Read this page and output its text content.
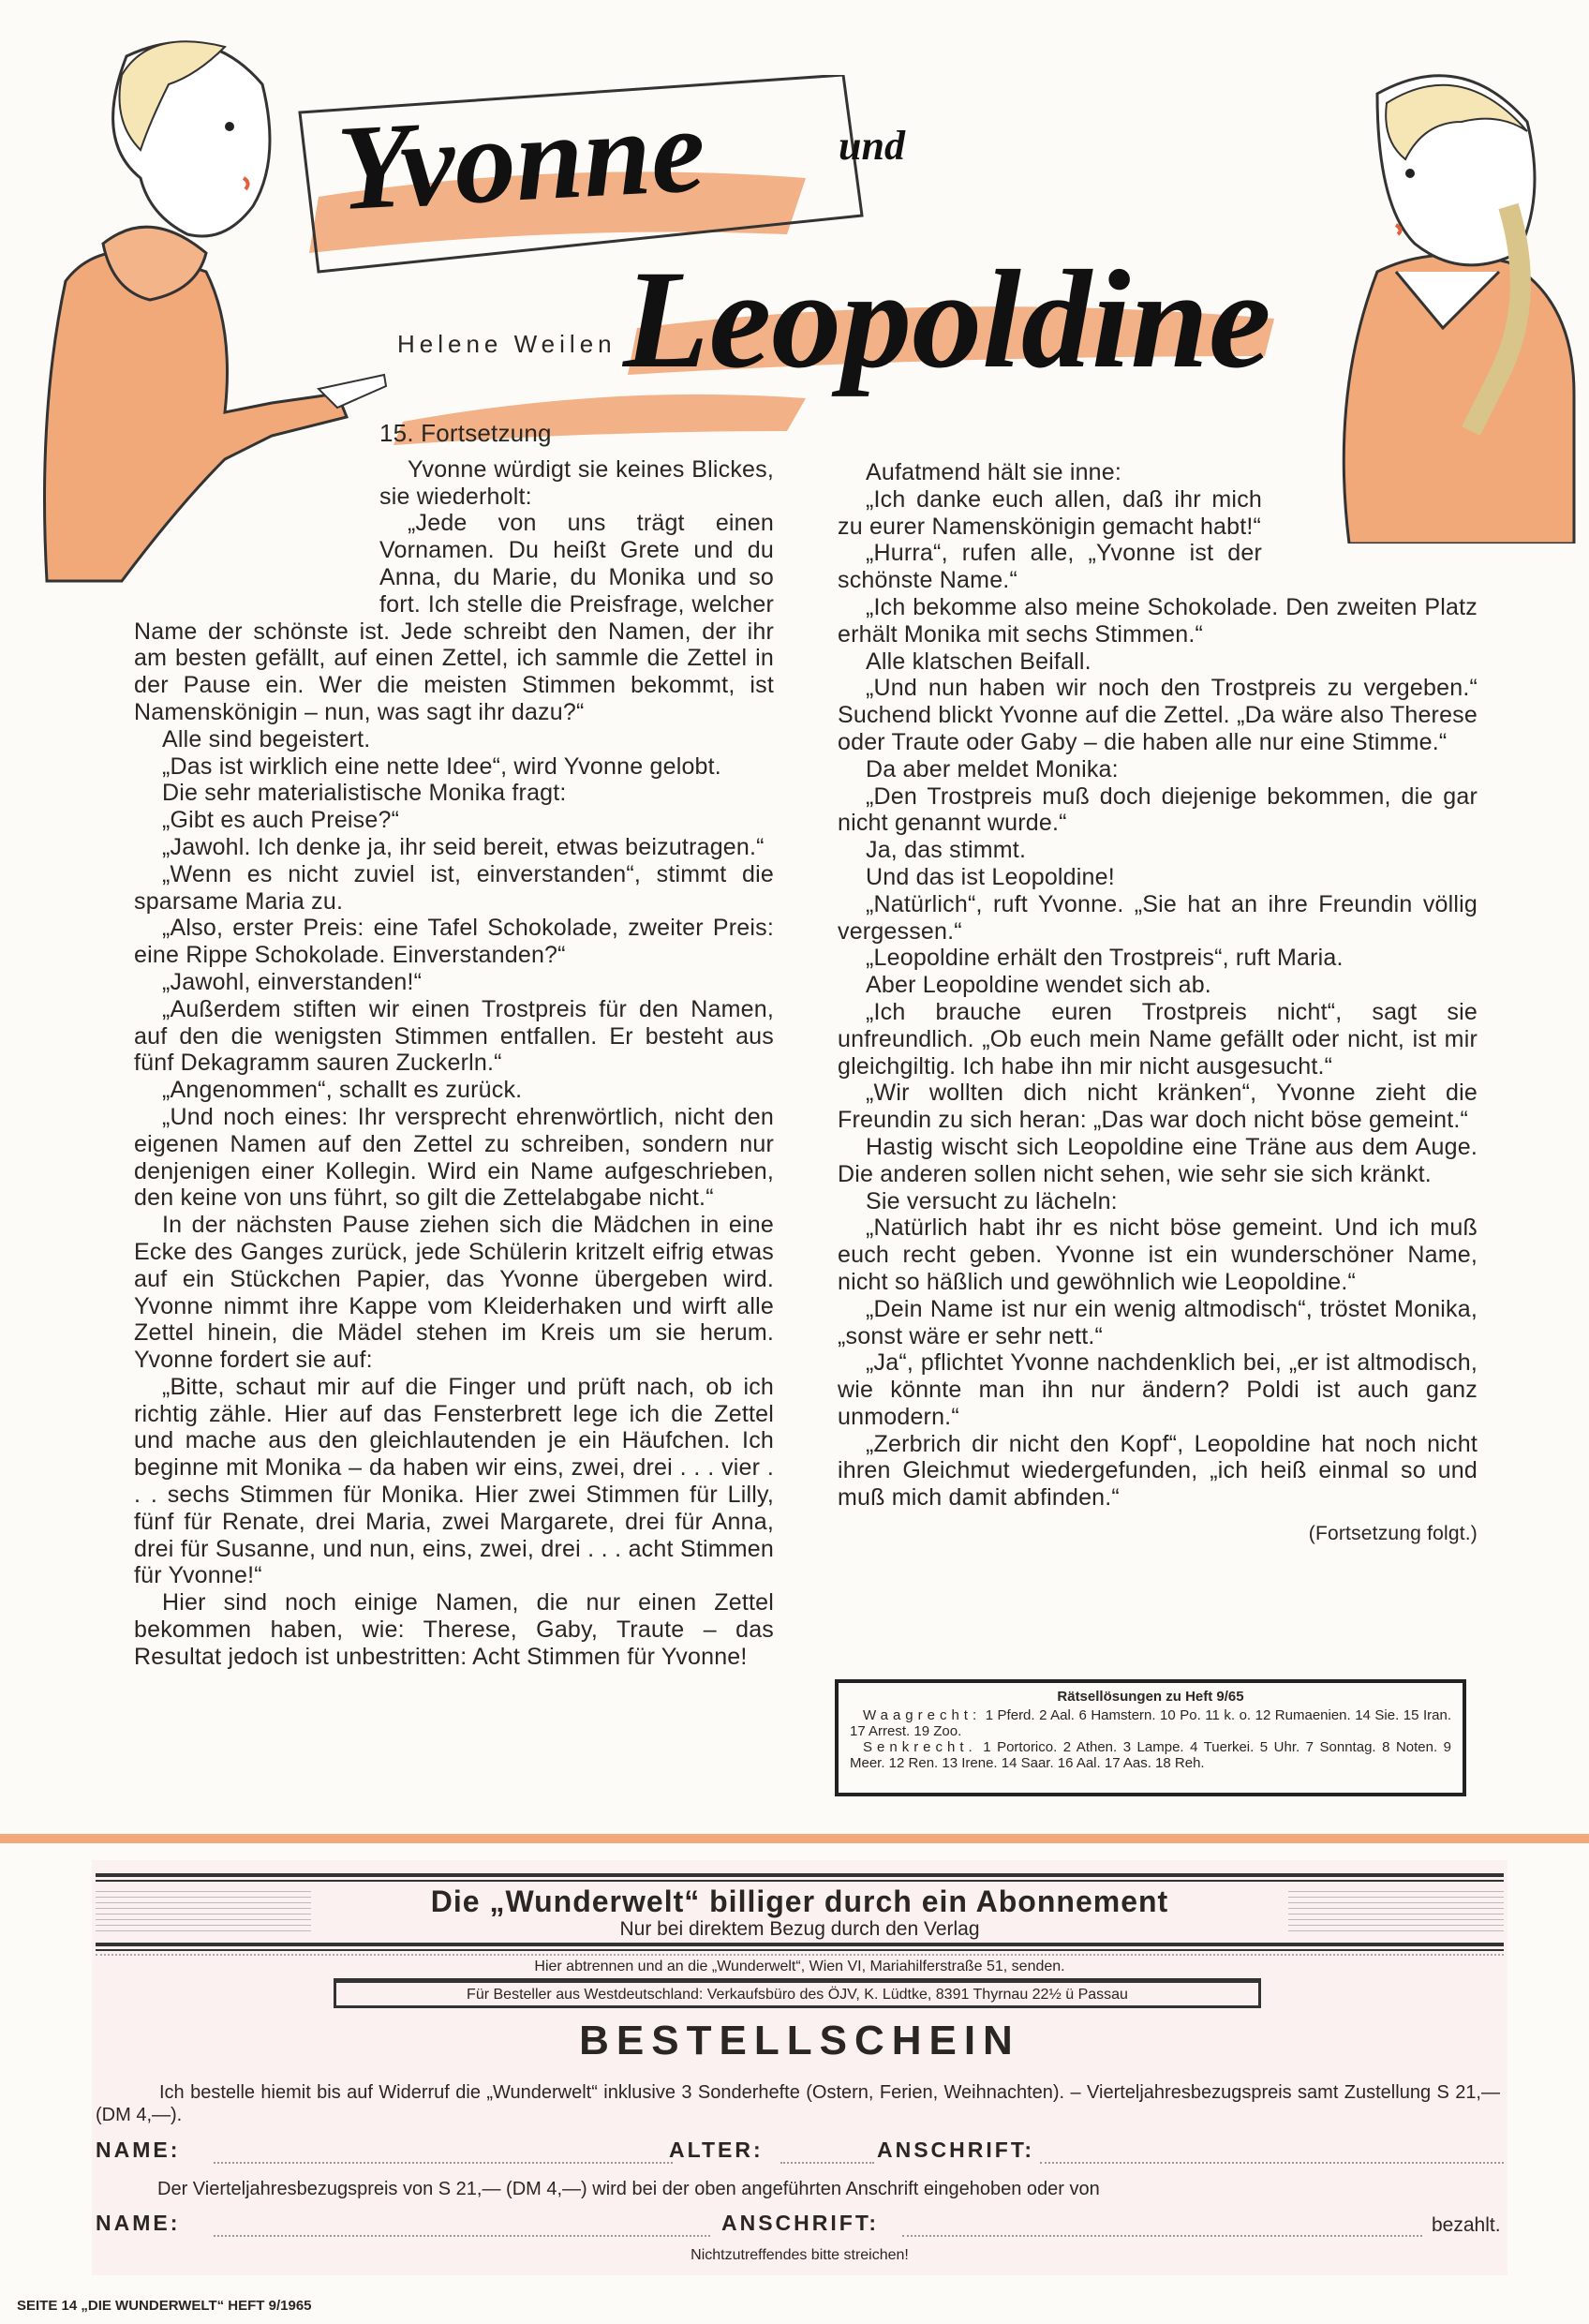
Yvonne	und
Leopoldine
Helene Weilen
15. Fortsetzung

Yvonne würdigt sie keines Blickes, sie wiederholt:

„Jede von uns trägt einen Vornamen. Du heißt Grete und du Anna, du Marie, du Monika und so fort. Ich stelle die Preisfrage, welcher Name der schönste ist. Jede schreibt den Namen, der ihr am besten gefällt, auf einen Zettel, ich sammle die Zettel in der Pause ein. Wer die meisten Stimmen bekommt, ist Namenskönigin – nun, was sagt ihr dazu?“

Alle sind begeistert.

„Das ist wirklich eine nette Idee“, wird Yvonne gelobt.

Die sehr materialistische Monika fragt:

„Gibt es auch Preise?“

„Jawohl. Ich denke ja, ihr seid bereit, etwas beizutragen.“

„Wenn es nicht zuviel ist, einverstanden“, stimmt die sparsame Maria zu.

„Also, erster Preis: eine Tafel Schokolade, zweiter Preis: eine Rippe Schokolade. Einverstanden?“

„Jawohl, einverstanden!“

„Außerdem stiften wir einen Trostpreis für den Namen, auf den die wenigsten Stimmen entfallen. Er besteht aus fünf Dekagramm sauren Zuckerln.“

„Angenommen“, schallt es zurück.

„Und noch eines: Ihr versprecht ehrenwörtlich, nicht den eigenen Namen auf den Zettel zu schreiben, sondern nur denjenigen einer Kollegin. Wird ein Name aufgeschrieben, den keine von uns führt, so gilt die Zettelabgabe nicht.“

In der nächsten Pause ziehen sich die Mädchen in eine Ecke des Ganges zurück, jede Schülerin kritzelt eifrig etwas auf ein Stückchen Papier, das Yvonne übergeben wird. Yvonne nimmt ihre Kappe vom Kleiderhaken und wirft alle Zettel hinein, die Mädel stehen im Kreis um sie herum. Yvonne fordert sie auf:

„Bitte, schaut mir auf die Finger und prüft nach, ob ich richtig zähle. Hier auf das Fensterbrett lege ich die Zettel und mache aus den gleichlautenden je ein Häufchen. Ich beginne mit Monika – da haben wir eins, zwei, drei . . . vier . . . sechs Stimmen für Monika. Hier zwei Stimmen für Lilly, fünf für Renate, drei Maria, zwei Margarete, drei für Anna, drei für Susanne, und nun, eins, zwei, drei . . . acht Stimmen für Yvonne!“

Hier sind noch einige Namen, die nur einen Zettel bekommen haben, wie: Therese, Gaby, Traute – das Resultat jedoch ist unbestritten: Acht Stimmen für Yvonne!

Aufatmend hält sie inne:

„Ich danke euch allen, daß ihr mich zu eurer Namenskönigin gemacht habt!“

„Hurra“, rufen alle, „Yvonne ist der schönste Name.“

„Ich bekomme also meine Schokolade. Den zweiten Platz erhält Monika mit sechs Stimmen.“

Alle klatschen Beifall.

„Und nun haben wir noch den Trostpreis zu vergeben.“ Suchend blickt Yvonne auf die Zettel. „Da wäre also Therese oder Traute oder Gaby – die haben alle nur eine Stimme.“

Da aber meldet Monika:

„Den Trostpreis muß doch diejenige bekommen, die gar nicht genannt wurde.“

Ja, das stimmt.

Und das ist Leopoldine!

„Natürlich“, ruft Yvonne. „Sie hat an ihre Freundin völlig vergessen.“

„Leopoldine erhält den Trostpreis“, ruft Maria.

Aber Leopoldine wendet sich ab.

„Ich brauche euren Trostpreis nicht“, sagt sie unfreundlich. „Ob euch mein Name gefällt oder nicht, ist mir gleichgiltig. Ich habe ihn mir nicht ausgesucht.“

„Wir wollten dich nicht kränken“, Yvonne zieht die Freundin zu sich heran: „Das war doch nicht böse gemeint.“

Hastig wischt sich Leopoldine eine Träne aus dem Auge. Die anderen sollen nicht sehen, wie sehr sie sich kränkt.

Sie versucht zu lächeln:

„Natürlich habt ihr es nicht böse gemeint. Und ich muß euch recht geben. Yvonne ist ein wunderschöner Name, nicht so häßlich und gewöhnlich wie Leopoldine.“

„Dein Name ist nur ein wenig altmodisch“, tröstet Monika, „sonst wäre er sehr nett.“

„Ja“, pflichtet Yvonne nachdenklich bei, „er ist altmodisch, wie könnte man ihn nur ändern? Poldi ist auch ganz unmodern.“

„Zerbrich dir nicht den Kopf“, Leopoldine hat noch nicht ihren Gleichmut wiedergefunden, „ich heiß einmal so und muß mich damit abfinden.“

(Fortsetzung folgt.)

Rätsellösungen zu Heft 9/65

Waagrecht: 1 Pferd. 2 Aal. 6 Hamstern. 10 Po. 11 k. o. 12 Rumaenien. 14 Sie. 15 Iran. 17 Arrest. 19 Zoo.

Senkrecht. 1 Portorico. 2 Athen. 3 Lampe. 4 Tuerkei. 5 Uhr. 7 Sonntag. 8 Noten. 9 Meer. 12 Ren. 13 Irene. 14 Saar. 16 Aal. 17 Aas. 18 Reh.

Die „Wunderwelt“ billiger durch ein Abonnement
Nur bei direktem Bezug durch den Verlag
Hier abtrennen und an die „Wunderwelt“, Wien VI, Mariahilferstraße 51, senden.
Für Besteller aus Westdeutschland: Verkaufsbüro des ÖJV, K. Lüdtke, 8391 Thyrnau 22½ ü Passau
BESTELLSCHEIN
Ich bestelle hiemit bis auf Widerruf die „Wunderwelt“ inklusive 3 Sonderhefte (Ostern, Ferien, Weihnachten). – Vierteljahresbezugspreis samt Zustellung S 21,— (DM 4,—).
NAME:	ALTER:	ANSCHRIFT:
Der Vierteljahresbezugspreis von S 21,— (DM 4,—) wird bei der oben angeführten Anschrift eingehoben oder von
NAME:	ANSCHRIFT:	bezahlt.
Nichtzutreffendes bitte streichen!
SEITE 14 „DIE WUNDERWELT“ HEFT 9/1965
